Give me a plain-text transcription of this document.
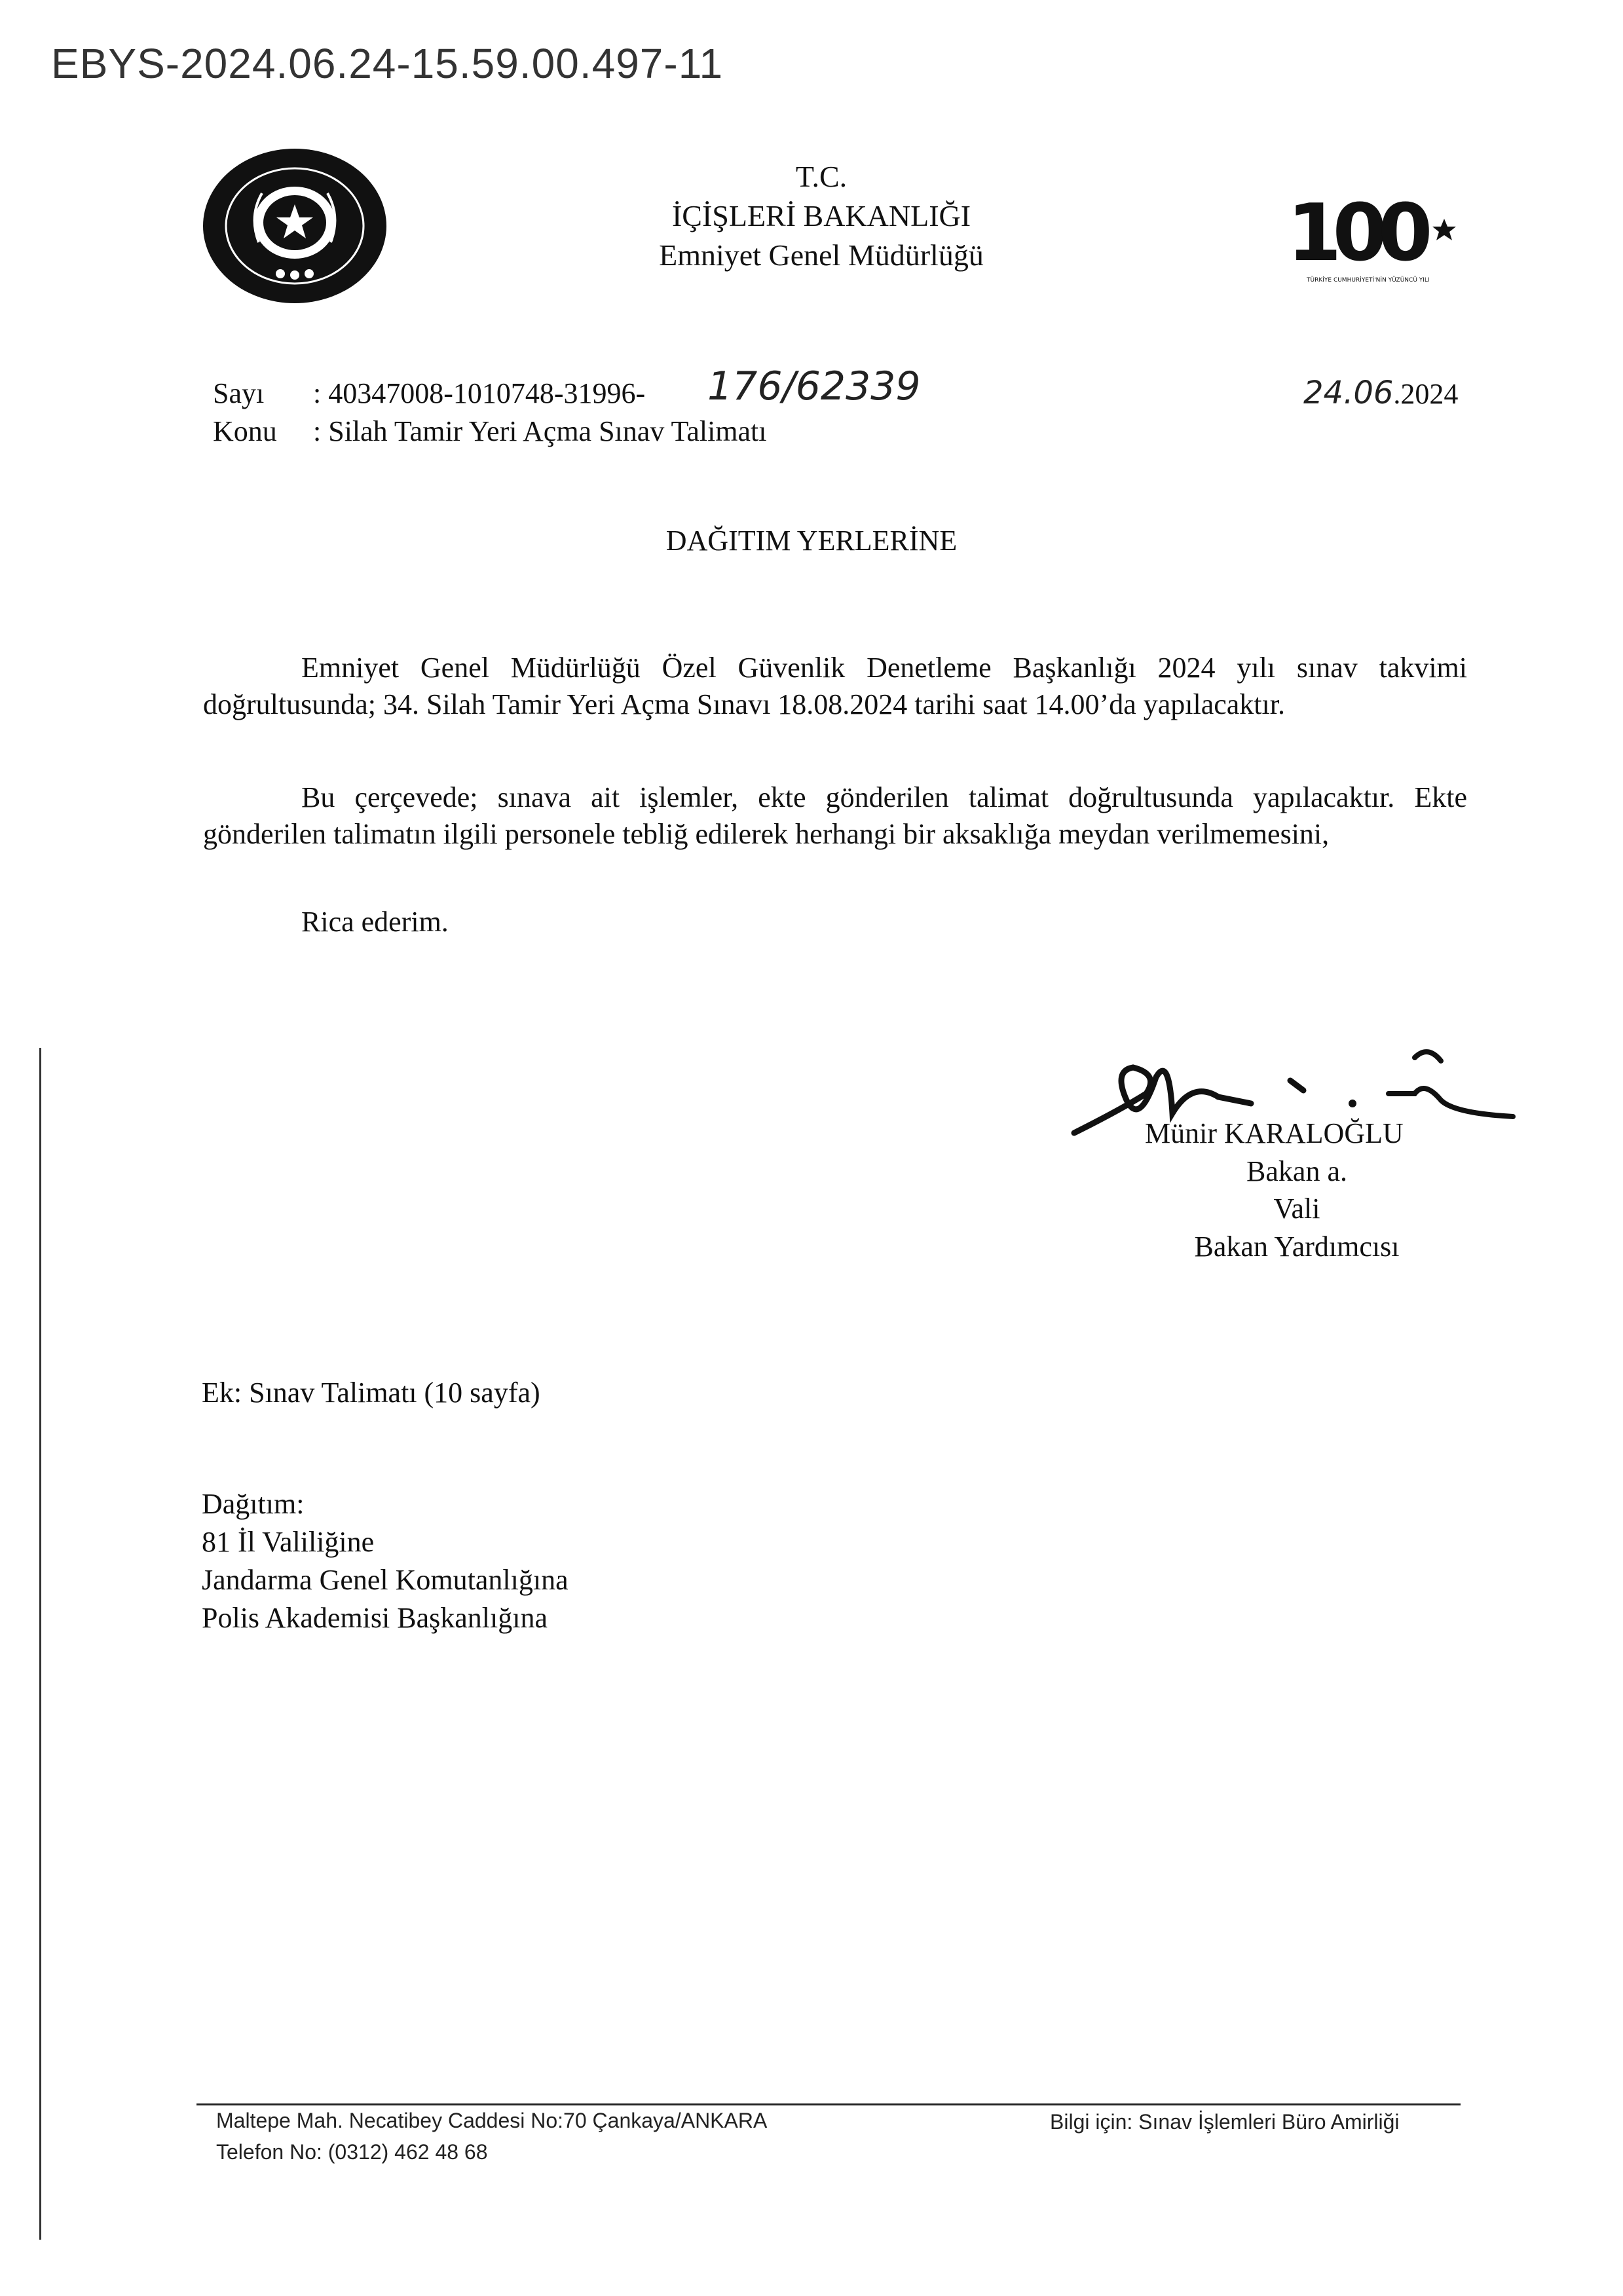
EBYS-2024.06.24-15.59.00.497-11
T.C.
İÇİŞLERİ BAKANLIĞI
Emniyet Genel Müdürlüğü	100
TÜRKİYE CUMHURİYETİ'NİN YÜZÜNCÜ YILI
Sayı : 40347008-1010748-31996- 176/62339
Konu : Silah Tamir Yeri Açma Sınav Talimatı
24.06.2024
DAĞITIM YERLERİNE
Emniyet Genel Müdürlüğü Özel Güvenlik Denetleme Başkanlığı 2024 yılı sınav takvimi doğrultusunda; 34. Silah Tamir Yeri Açma Sınavı 18.08.2024 tarihi saat 14.00’da yapılacaktır.
Bu çerçevede; sınava ait işlemler, ekte gönderilen talimat doğrultusunda yapılacaktır. Ekte gönderilen talimatın ilgili personele tebliğ edilerek herhangi bir aksaklığa meydan verilmemesini,
Rica ederim.
Münir KARALOĞLU
Bakan a.
Vali
Bakan Yardımcısı
Ek: Sınav Talimatı (10 sayfa)
Dağıtım:
81 İl Valiliğine
Jandarma Genel Komutanlığına
Polis Akademisi Başkanlığına
Maltepe Mah. Necatibey Caddesi No:70 Çankaya/ANKARA
Telefon No: (0312) 462 48 68
Bilgi için: Sınav İşlemleri Büro Amirliği
